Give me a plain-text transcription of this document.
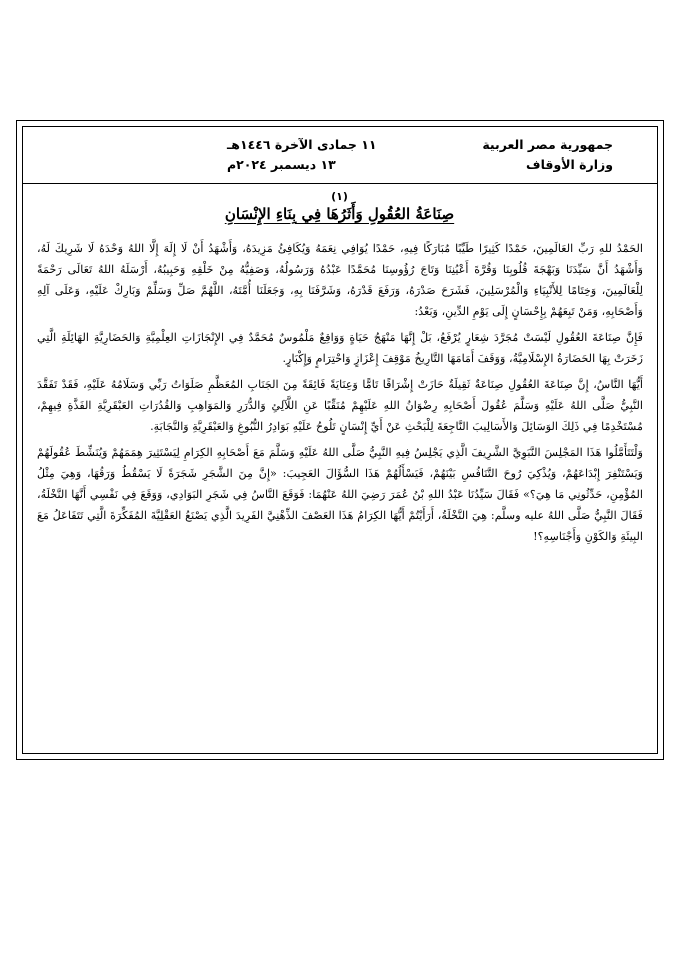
جمهورية مصر العربية
وزارة الأوقاف
١١ جمادى الآخرة ١٤٤٦هـ
١٣ ديسمبر ٢٠٢٤م
(١)
صِنَاعَةُ العُقُولِ وَأَثَرُهَا فِي بِنَاءِ الإِنْسَانِ

الحَمْدُ للهِ رَبِّ العَالَمِينَ، حَمْدًا كَثِيرًا طَيِّبًا مُبَارَكًا فِيهِ، حَمْدًا يُوَافِي نِعَمَهُ وَيُكَافِئُ مَزِيدَهُ، وَأَشْهَدُ أَنْ لَا إِلَهَ إِلَّا اللهُ وَحْدَهُ لَا شَرِيكَ لَهُ، وَأَشْهَدُ أَنَّ سَيِّدَنَا وَبَهْجَةَ قُلُوبِنَا وَقُرَّةَ أَعْيُنِنَا وَتَاجَ رُؤُوسِنَا مُحَمَّدًا عَبْدُهُ وَرَسُولُهُ، وَصَفِيُّهُ مِنْ خَلْقِهِ وَحَبِيبُهُ، أَرْسَلَهُ اللهُ تَعَالَى رَحْمَةً لِلْعَالَمِينَ، وَخِتَامًا لِلأَنْبِيَاءِ وَالْمُرْسَلِينَ، فَشَرَحَ صَدْرَهُ، وَرَفَعَ قَدْرَهُ، وَشَرَّفَنَا بِهِ، وَجَعَلَنَا أُمَّتَهُ، اللَّهُمَّ صَلِّ وَسَلِّمْ وَبَارِكْ عَلَيْهِ، وَعَلَى آلِهِ وَأَصْحَابِهِ، وَمَنْ تَبِعَهُمْ بِإِحْسَانٍ إِلَى يَوْمِ الدِّينِ، وَبَعْدُ:

فَإِنَّ صِنَاعَةَ العُقُولِ لَيْسَتْ مُجَرَّدَ شِعَارٍ يُرْفَعُ، بَلْ إِنَّهَا مَنْهَجُ حَيَاةٍ وَوَاقِعٌ مَلْمُوسٌ مُحَمَّدٌ فِي الإِنْجَازَاتِ العِلْمِيَّةِ وَالحَضَارِيَّةِ الهَائِلَةِ الَّتِي زَخَرَتْ بِهَا الحَضَارَةُ الإِسْلَامِيَّةُ، وَوَقَفَ أَمَامَهَا التَّارِيخُ مَوْقِفَ إِعْزَازٍ وَاحْتِرَامٍ وَإِكْبَارٍ.

أَيُّهَا النَّاسُ، إِنَّ صِنَاعَةَ العُقُولِ صِنَاعَةٌ ثَقِيلَةٌ حَازَتْ إِشْرَاقًا تَامًّا وَعِنَايَةً فَائِقَةً مِنَ الجَنَابِ المُعَظَّمِ صَلَوَاتُ رَبِّي وَسَلَامُهُ عَلَيْهِ، فَقَدْ تَفَقَّدَ النَّبِيُّ صَلَّى اللهُ عَلَيْهِ وَسَلَّمَ عُقُولَ أَصْحَابِهِ رِضْوَانُ اللهِ عَلَيْهِمْ مُنَقِّبًا عَنِ اللَّآلِئِ وَالدُّرَرِ وَالمَوَاهِبِ وَالقُدُرَاتِ العَبْقَرِيَّةِ الفَذَّةِ فِيهِمْ، مُسْتَخْدِمًا فِي ذَلِكَ الوَسَائِلَ وَالأَسَالِيبَ النَّاجِعَةَ لِلْبَحْثِ عَنْ أَيِّ إِنْسَانٍ تَلُوحُ عَلَيْهِ بَوَادِرُ النُّبُوغِ وَالعَبْقَرِيَّةِ وَالنَّجَابَةِ.

وَلْتَتَأَمَّلُوا هَذَا المَجْلِسَ النَّبَوِيَّ الشَّرِيفَ الَّذِي يَجْلِسُ فِيهِ النَّبِيُّ صَلَّى اللهُ عَلَيْهِ وَسَلَّمَ مَعَ أَصْحَابِهِ الكِرَامِ لِيَسْتَثِيرَ هِمَمَهُمْ وَيُنَشِّطَ عُقُولَهُمْ وَيَسْتَنْفِرَ إِبْدَاعَهُمْ، وَيُذْكِيَ رُوحَ التَّنَافُسِ بَيْنَهُمْ، فَيَسْأَلُهُمْ هَذَا السُّؤَالَ العَجِيبَ: «إِنَّ مِنَ الشَّجَرِ شَجَرَةً لَا يَسْقُطُ وَرَقُهَا، وَهِيَ مِثْلُ المُؤْمِنِ، حَدِّثُونِي مَا هِيَ؟» فَقَالَ سَيِّدُنَا عَبْدُ اللهِ بْنُ عُمَرَ رَضِيَ اللهُ عَنْهُمَا: فَوَقَعَ النَّاسُ فِي شَجَرِ البَوَادِي، وَوَقَعَ فِي نَفْسِي أَنَّهَا النَّخْلَةُ، فَقَالَ النَّبِيُّ صَلَّى اللهُ عليه وسلَّم: هِيَ النَّخْلَةُ، أَرَأَيْتُمْ أَيُّهَا الكِرَامُ هَذَا العَصْفَ الذِّهْنِيَّ الفَرِيدَ الَّذِي يَصْنَعُ العَقْلِيَّةَ المُفَكِّرَةَ الَّتِي تَتَفَاعَلُ مَعَ البِيئَةِ وَالكَوْنِ وَأَجْنَاسِهِ؟!
